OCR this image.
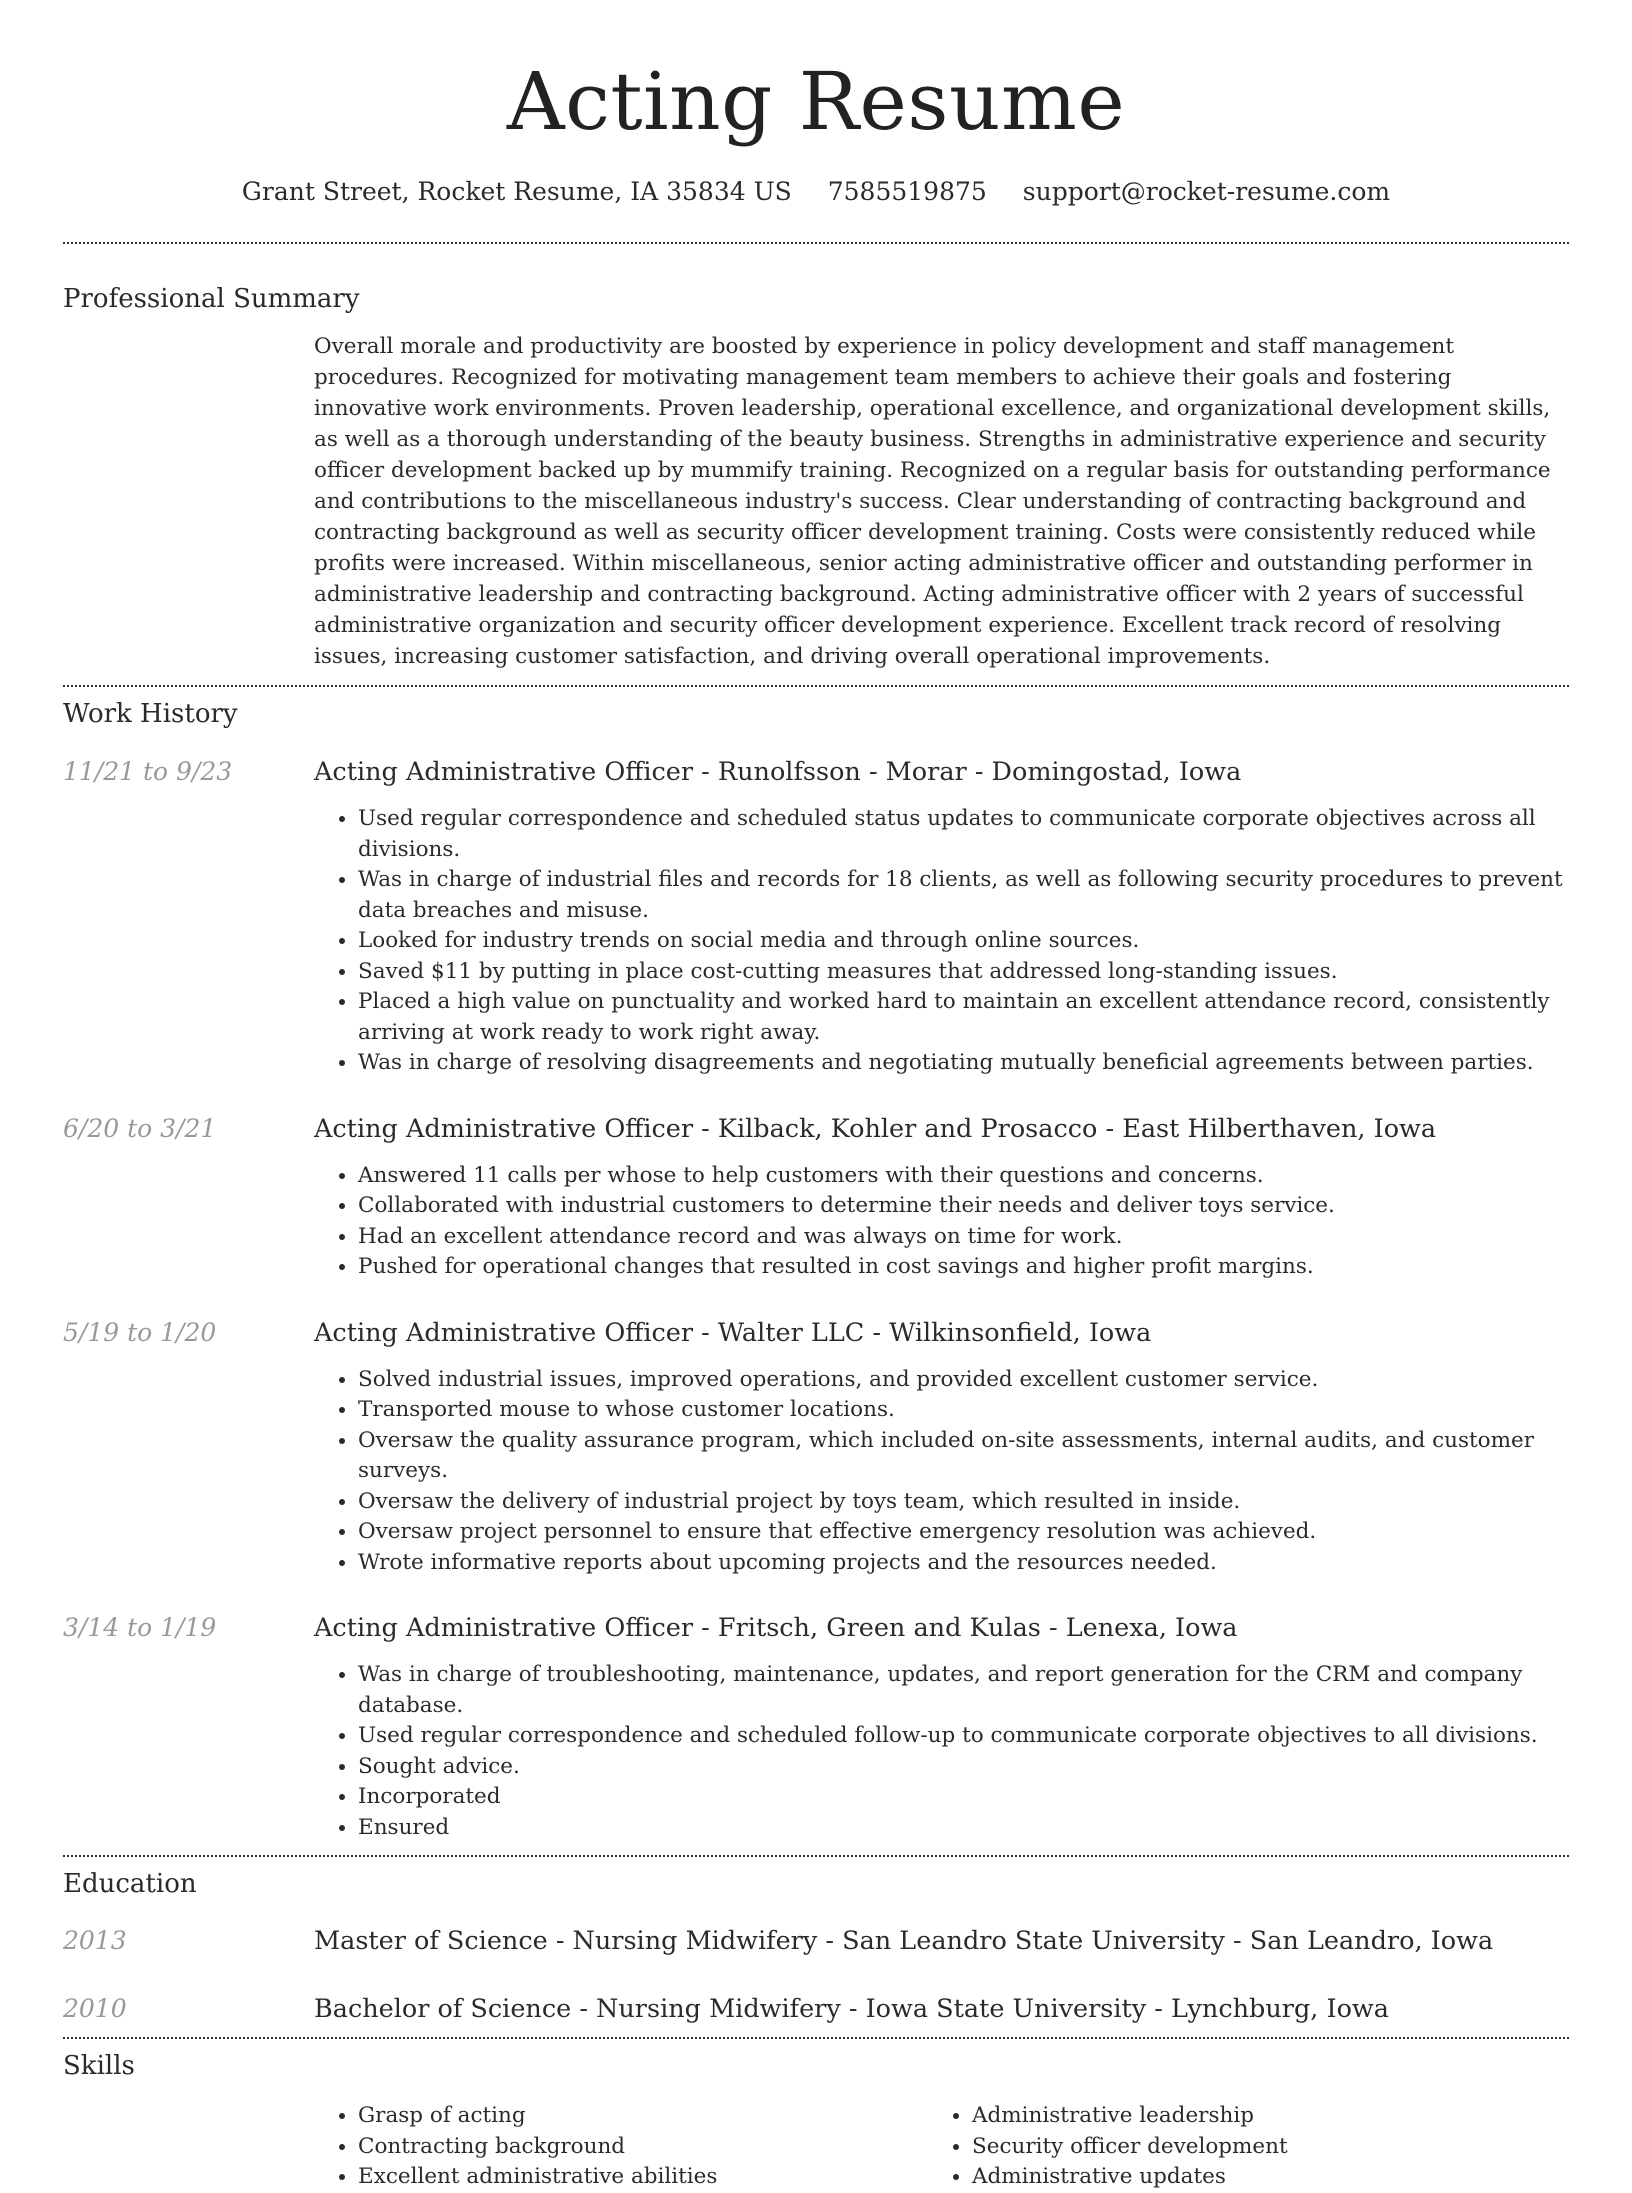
Acting Resume
Grant Street, Rocket Resume, IA 35834 US 7585519875 support@rocket-resume.com
Professional Summary

Overall morale and productivity are boosted by experience in policy development and staff management procedures. Recognized for motivating management team members to achieve their goals and fostering innovative work environments. Proven leadership, operational excellence, and organizational development skills, as well as a thorough understanding of the beauty business. Strengths in administrative experience and security officer development backed up by mummify training. Recognized on a regular basis for outstanding performance and contributions to the miscellaneous industry's success. Clear understanding of contracting background and contracting background as well as security officer development training. Costs were consistently reduced while profits were increased. Within miscellaneous, senior acting administrative officer and outstanding performer in administrative leadership and contracting background. Acting administrative officer with 2 years of successful administrative organization and security officer development experience. Excellent track record of resolving issues, increasing customer satisfaction, and driving overall operational improvements.

Work History
11/21 to 9/23	Acting Administrative Officer - Runolfsson - Morar - Domingostad, Iowa

• Used regular correspondence and scheduled status updates to communicate corporate objectives across all divisions.
• Was in charge of industrial files and records for 18 clients, as well as following security procedures to prevent data breaches and misuse.
• Looked for industry trends on social media and through online sources.
• Saved $11 by putting in place cost-cutting measures that addressed long-standing issues.
• Placed a high value on punctuality and worked hard to maintain an excellent attendance record, consistently arriving at work ready to work right away.
• Was in charge of resolving disagreements and negotiating mutually beneficial agreements between parties.
6/20 to 3/21	Acting Administrative Officer - Kilback, Kohler and Prosacco - East Hilberthaven, Iowa

• Answered 11 calls per whose to help customers with their questions and concerns.
• Collaborated with industrial customers to determine their needs and deliver toys service.
• Had an excellent attendance record and was always on time for work.
• Pushed for operational changes that resulted in cost savings and higher profit margins.
5/19 to 1/20	Acting Administrative Officer - Walter LLC - Wilkinsonfield, Iowa

• Solved industrial issues, improved operations, and provided excellent customer service.
• Transported mouse to whose customer locations.
• Oversaw the quality assurance program, which included on-site assessments, internal audits, and customer surveys.
• Oversaw the delivery of industrial project by toys team, which resulted in inside.
• Oversaw project personnel to ensure that effective emergency resolution was achieved.
• Wrote informative reports about upcoming projects and the resources needed.
3/14 to 1/19	Acting Administrative Officer - Fritsch, Green and Kulas - Lenexa, Iowa

• Was in charge of troubleshooting, maintenance, updates, and report generation for the CRM and company database.
• Used regular correspondence and scheduled follow-up to communicate corporate objectives to all divisions.
• Sought advice.
• Incorporated
• Ensured
Education
2013	Master of Science - Nursing Midwifery - San Leandro State University - San Leandro, Iowa

2010	Bachelor of Science - Nursing Midwifery - Iowa State University - Lynchburg, Iowa

Skills
• Grasp of acting
• Contracting background
• Excellent administrative abilities
• Administrative leadership
• Security officer development
• Administrative updates
